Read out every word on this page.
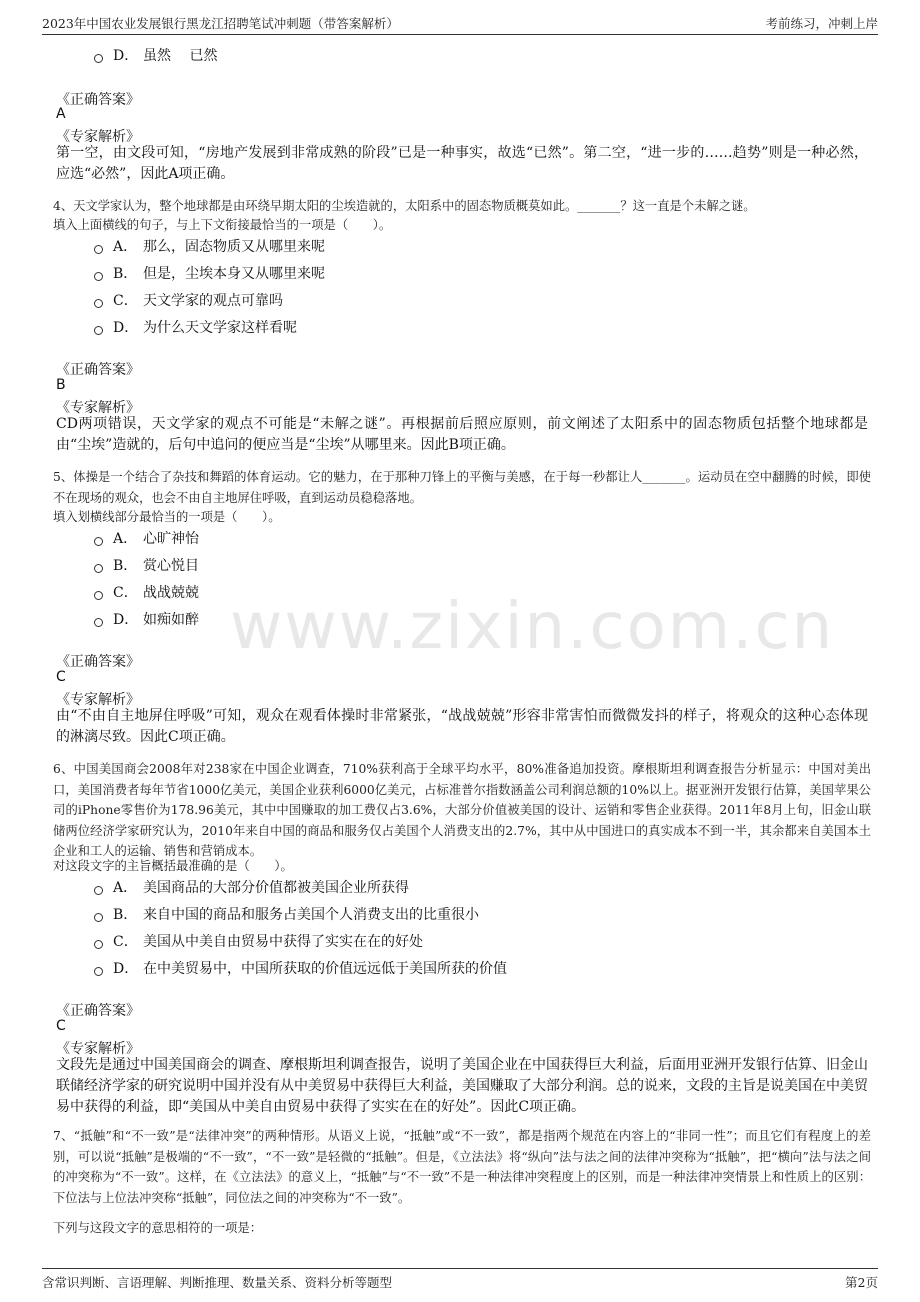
2023年中国农业发展银行黑龙江招聘笔试冲刺题（带答案解析）	考前练习，冲刺上岸
www.zixin.com.cn
D． 虽然　 已然
《正确答案》
A
《专家解析》
第一空，由文段可知，“房地产发展到非常成熟的阶段”已是一种事实，故选“已然”。第二空，“进一步的……趋势”则是一种必然，应选“必然”，因此A项正确。
4、天文学家认为，整个地球都是由环绕早期太阳的尘埃造就的，太阳系中的固态物质概莫如此。_______？这一直是个未解之谜。
填入上面横线的句子，与上下文衔接最恰当的一项是（　　）。
A． 那么，固态物质又从哪里来呢
B． 但是，尘埃本身又从哪里来呢
C． 天文学家的观点可靠吗
D． 为什么天文学家这样看呢
《正确答案》
B
《专家解析》
CD两项错误，天文学家的观点不可能是“未解之谜”。再根据前后照应原则，前文阐述了太阳系中的固态物质包括整个地球都是由“尘埃”造就的，后句中追问的便应当是“尘埃”从哪里来。因此B项正确。
5、体操是一个结合了杂技和舞蹈的体育运动。它的魅力，在于那种刀锋上的平衡与美感，在于每一秒都让人_______。运动员在空中翻腾的时候，即使不在现场的观众，也会不由自主地屏住呼吸，直到运动员稳稳落地。
填入划横线部分最恰当的一项是（　　）。
A． 心旷神怡
B． 赏心悦目
C． 战战兢兢
D． 如痴如醉
《正确答案》
C
《专家解析》
由“不由自主地屏住呼吸”可知，观众在观看体操时非常紧张，“战战兢兢”形容非常害怕而微微发抖的样子，将观众的这种心态体现的淋漓尽致。因此C项正确。
6、中国美国商会2008年对238家在中国企业调查，710%获利高于全球平均水平，80%准备追加投资。摩根斯坦利调查报告分析显示：中国对美出口，美国消费者每年节省1000亿美元，美国企业获利6000亿美元，占标准普尔指数涵盖公司利润总额的10%以上。据亚洲开发银行估算，美国苹果公司的iPhone零售价为178.96美元，其中中国赚取的加工费仅占3.6%，大部分价值被美国的设计、运销和零售企业获得。2011年8月上旬，旧金山联储两位经济学家研究认为，2010年来自中国的商品和服务仅占美国个人消费支出的2.7%，其中从中国进口的真实成本不到一半，其余都来自美国本土企业和工人的运输、销售和营销成本。
对这段文字的主旨概括最准确的是（　　）。
A． 美国商品的大部分价值都被美国企业所获得
B． 来自中国的商品和服务占美国个人消费支出的比重很小
C． 美国从中美自由贸易中获得了实实在在的好处
D． 在中美贸易中，中国所获取的价值远远低于美国所获的价值
《正确答案》
C
《专家解析》
文段先是通过中国美国商会的调查、摩根斯坦利调查报告，说明了美国企业在中国获得巨大利益，后面用亚洲开发银行估算、旧金山联储经济学家的研究说明中国并没有从中美贸易中获得巨大利益，美国赚取了大部分利润。总的说来，文段的主旨是说美国在中美贸易中获得的利益，即“美国从中美自由贸易中获得了实实在在的好处”。因此C项正确。
7、“抵触”和“不一致”是“法律冲突”的两种情形。从语义上说，“抵触”或“不一致”，都是指两个规范在内容上的“非同一性”；而且它们有程度上的差别，可以说“抵触”是极端的“不一致”，“不一致”是轻微的“抵触”。但是，《立法法》将“纵向”法与法之间的法律冲突称为“抵触”，把“横向”法与法之间的冲突称为“不一致”。这样，在《立法法》的意义上，“抵触”与“不一致”不是一种法律冲突程度上的区别，而是一种法律冲突情景上和性质上的区别：下位法与上位法冲突称“抵触”，同位法之间的冲突称为“不一致”。
下列与这段文字的意思相符的一项是：
含常识判断、言语理解、判断推理、数量关系、资料分析等题型	第2页
